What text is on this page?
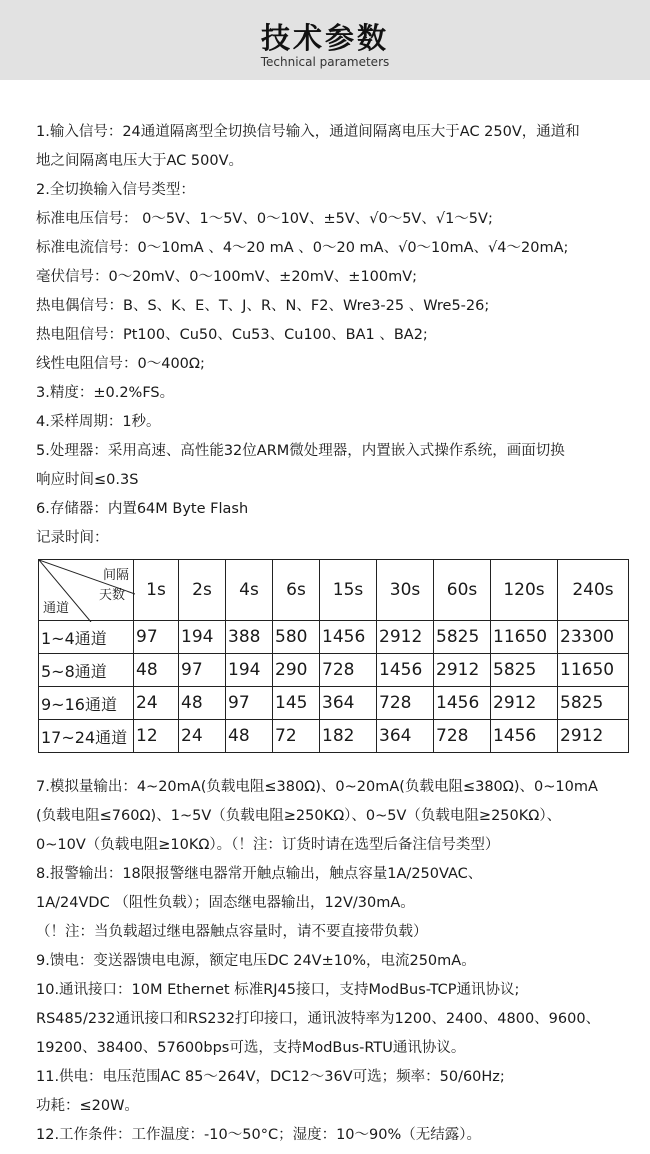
技术参数
Technical parameters
1.输入信号：24通道隔离型全切换信号输入，通道间隔离电压大于AC 250V，通道和
地之间隔离电压大于AC 500V。
2.全切换输入信号类型：
标准电压信号： 0～5V、1～5V、0～10V、±5V、√0～5V、√1～5V;
标准电流信号：0～10mA 、4～20 mA 、0～20 mA、√0～10mA、√4～20mA;
毫伏信号：0～20mV、0～100mV、±20mV、±100mV;
热电偶信号：B、S、K、E、T、J、R、N、F2、Wre3-25 、Wre5-26;
热电阻信号：Pt100、Cu50、Cu53、Cu100、BA1 、BA2;
线性电阻信号：0～400Ω;
3.精度：±0.2%FS。
4.采样周期：1秒。
5.处理器：采用高速、高性能32位ARM微处理器，内置嵌入式操作系统，画面切换
响应时间≤0.3S
6.存储器：内置64M Byte Flash
记录时间：
间隔
天数
通道	1s	2s	4s	6s	15s	30s	60s	120s	240s
1~4通道	97	194	388	580	1456	2912	5825	11650	23300
5~8通道	48	97	194	290	728	1456	2912	5825	11650
9~16通道	24	48	97	145	364	728	1456	2912	5825
17~24通道	12	24	48	72	182	364	728	1456	2912
7.模拟量输出：4~20mA(负载电阻≤380Ω)、0~20mA(负载电阻≤380Ω)、0~10mA
(负载电阻≤760Ω)、1~5V（负载电阻≥250KΩ）、0~5V（负载电阻≥250KΩ）、
0~10V（负载电阻≥10KΩ）。（！注：订货时请在选型后备注信号类型）
8.报警输出：18限报警继电器常开触点输出，触点容量1A/250VAC、
1A/24VDC （阻性负载）；固态继电器输出，12V/30mA。
（！注：当负载超过继电器触点容量时，请不要直接带负载）
9.馈电：变送器馈电电源，额定电压DC 24V±10%，电流250mA。
10.通讯接口：10M Ethernet 标准RJ45接口，支持ModBus-TCP通讯协议;
RS485/232通讯接口和RS232打印接口，通讯波特率为1200、2400、4800、9600、
19200、38400、57600bps可选，支持ModBus-RTU通讯协议。
11.供电：电压范围AC 85～264V，DC12～36V可选；频率：50/60Hz;
功耗：≤20W。
12.工作条件：工作温度：-10～50°C；湿度：10～90%（无结露）。
